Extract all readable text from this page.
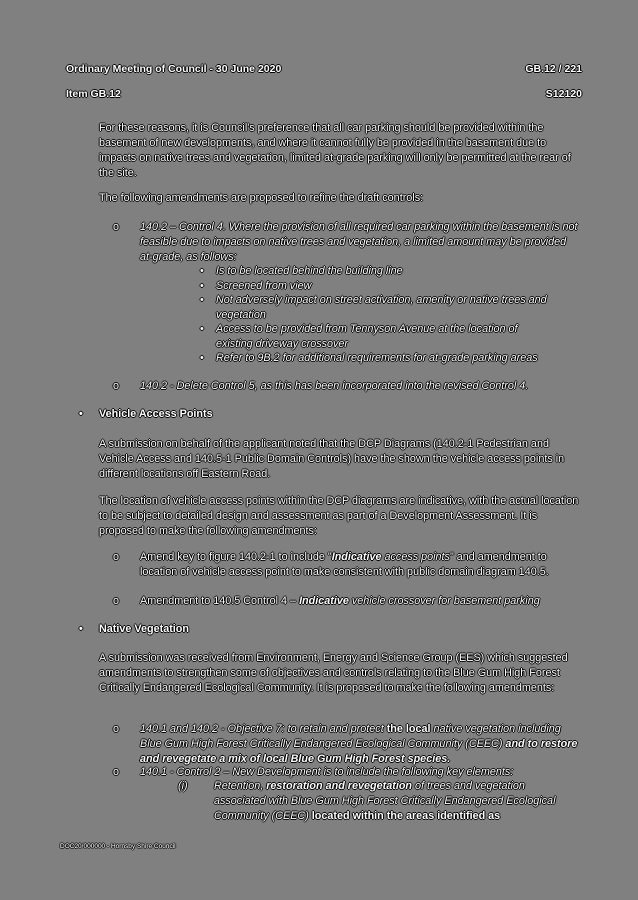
Ordinary Meeting of Council - 30 June 2020	GB.12 / 221
Item GB.12	S12120

For these reasons, it is Council's preference that all car parking should be provided within the basement of new developments, and where it cannot fully be provided in the basement due to impacts on native trees and vegetation, limited at-grade parking will only be permitted at the rear of the site.

The following amendments are proposed to refine the draft controls:

o 140.2 – Control 4. Where the provision of all required car parking within the basement is not feasible due to impacts on native trees and vegetation, a limited amount may be provided at-grade, as follows:
• Is to be located behind the building line
• Screened from view
• Not adversely impact on street activation, amenity or native trees and vegetation
• Access to be provided from Tennyson Avenue at the location of existing driveway crossover
• Refer to 9B.2 for additional requirements for at-grade parking areas
o 140.2 - Delete Control 5, as this has been incorporated into the revised Control 4.
• Vehicle Access Points

A submission on behalf of the applicant noted that the DCP Diagrams (140.2-1 Pedestrian and Vehicle Access and 140.5-1 Public Domain Controls) have the shown the vehicle access points in different locations off Eastern Road.

The location of vehicle access points within the DCP diagrams are indicative, with the actual location to be subject to detailed design and assessment as part of a Development Assessment. It is proposed to make the following amendments:

o Amend key to figure 140.2-1 to include "Indicative access points" and amendment to location of vehicle access point to make consistent with public domain diagram 140.5.
o Amendment to 140.5 Control 4 – Indicative vehicle crossover for basement parking
• Native Vegetation

A submission was received from Environment, Energy and Science Group (EES) which suggested amendments to strengthen some of objectives and controls relating to the Blue Gum High Forest Critically Endangered Ecological Community. It is proposed to make the following amendments:

o 140.1 and 140.2 - Objective 7: to retain and protect the local native vegetation including Blue Gum High Forest Critically Endangered Ecological Community (CEEC) and to restore and revegetate a mix of local Blue Gum High Forest species.
o 140.1 - Control 2 – New Development is to include the following key elements:
(i) Retention, restoration and revegetation of trees and vegetation associated with Blue Gum High Forest Critically Endangered Ecological Community (CEEC) located within the areas identified as
DOC20/000000 - Hornsby Shire Council
